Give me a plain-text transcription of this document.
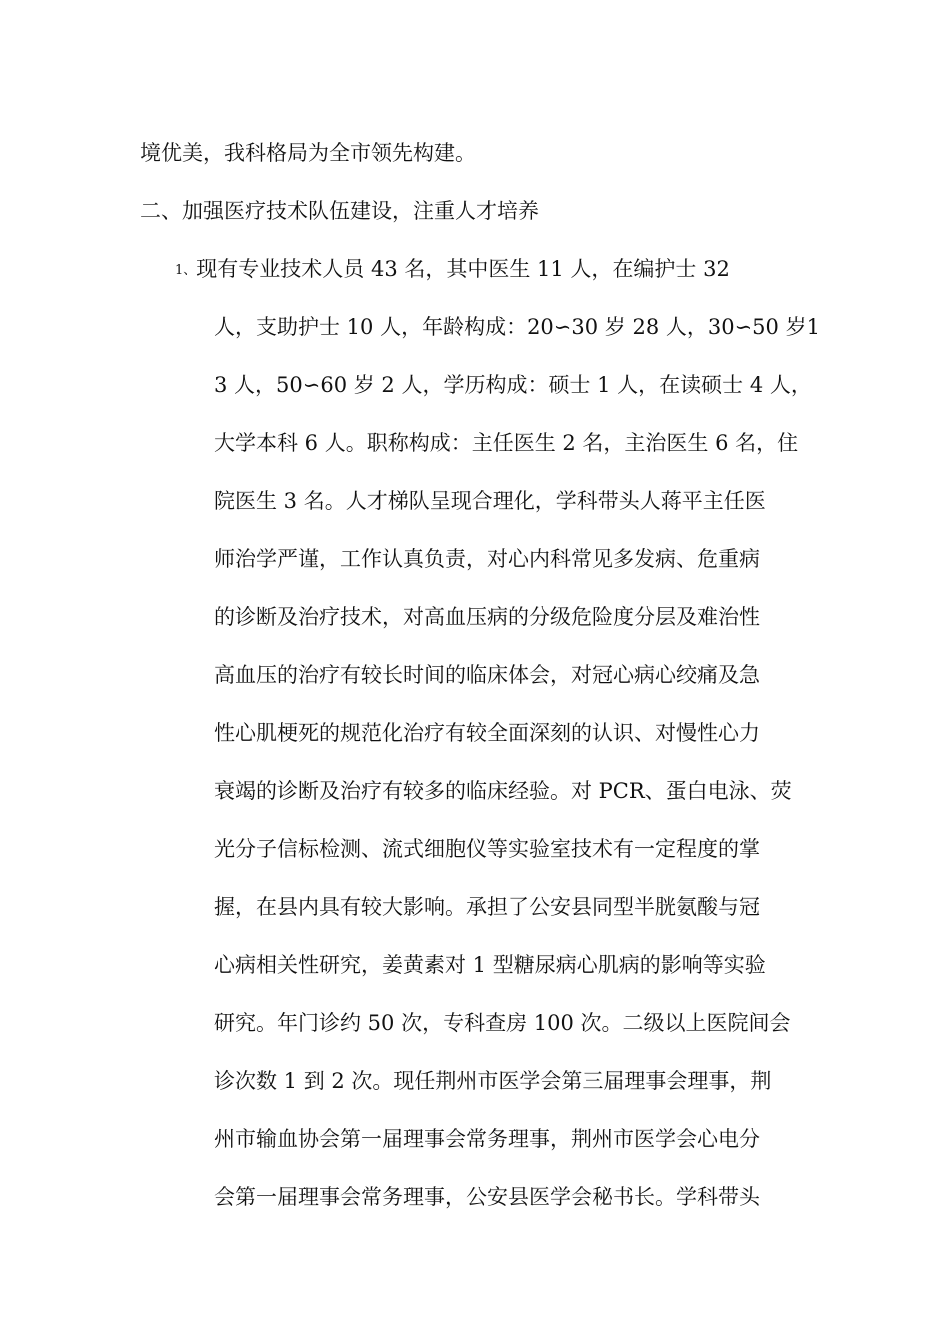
境优美，我科格局为全市领先构建。
二、加强医疗技术队伍建设，注重人才培养
1、现有专业技术人员 43 名，其中医生 11 人，在编护士 32
人，支助护士 10 人，年龄构成：20∽30 岁 28 人，30∽50 岁1
3 人，50∽60 岁 2 人，学历构成：硕士 1 人，在读硕士 4 人，
大学本科 6 人。职称构成：主任医生 2 名，主治医生 6 名，住
院医生 3 名。人才梯队呈现合理化，学科带头人蒋平主任医
师治学严谨，工作认真负责，对心内科常见多发病、危重病
的诊断及治疗技术，对高血压病的分级危险度分层及难治性
高血压的治疗有较长时间的临床体会，对冠心病心绞痛及急
性心肌梗死的规范化治疗有较全面深刻的认识、对慢性心力
衰竭的诊断及治疗有较多的临床经验。对 PCR、蛋白电泳、荧
光分子信标检测、流式细胞仪等实验室技术有一定程度的掌
握，在县内具有较大影响。承担了公安县同型半胱氨酸与冠
心病相关性研究，姜黄素对 1 型糖尿病心肌病的影响等实验
研究。年门诊约 50 次，专科查房 100 次。二级以上医院间会
诊次数 1 到 2 次。现任荆州市医学会第三届理事会理事，荆
州市输血协会第一届理事会常务理事，荆州市医学会心电分
会第一届理事会常务理事，公安县医学会秘书长。学科带头
